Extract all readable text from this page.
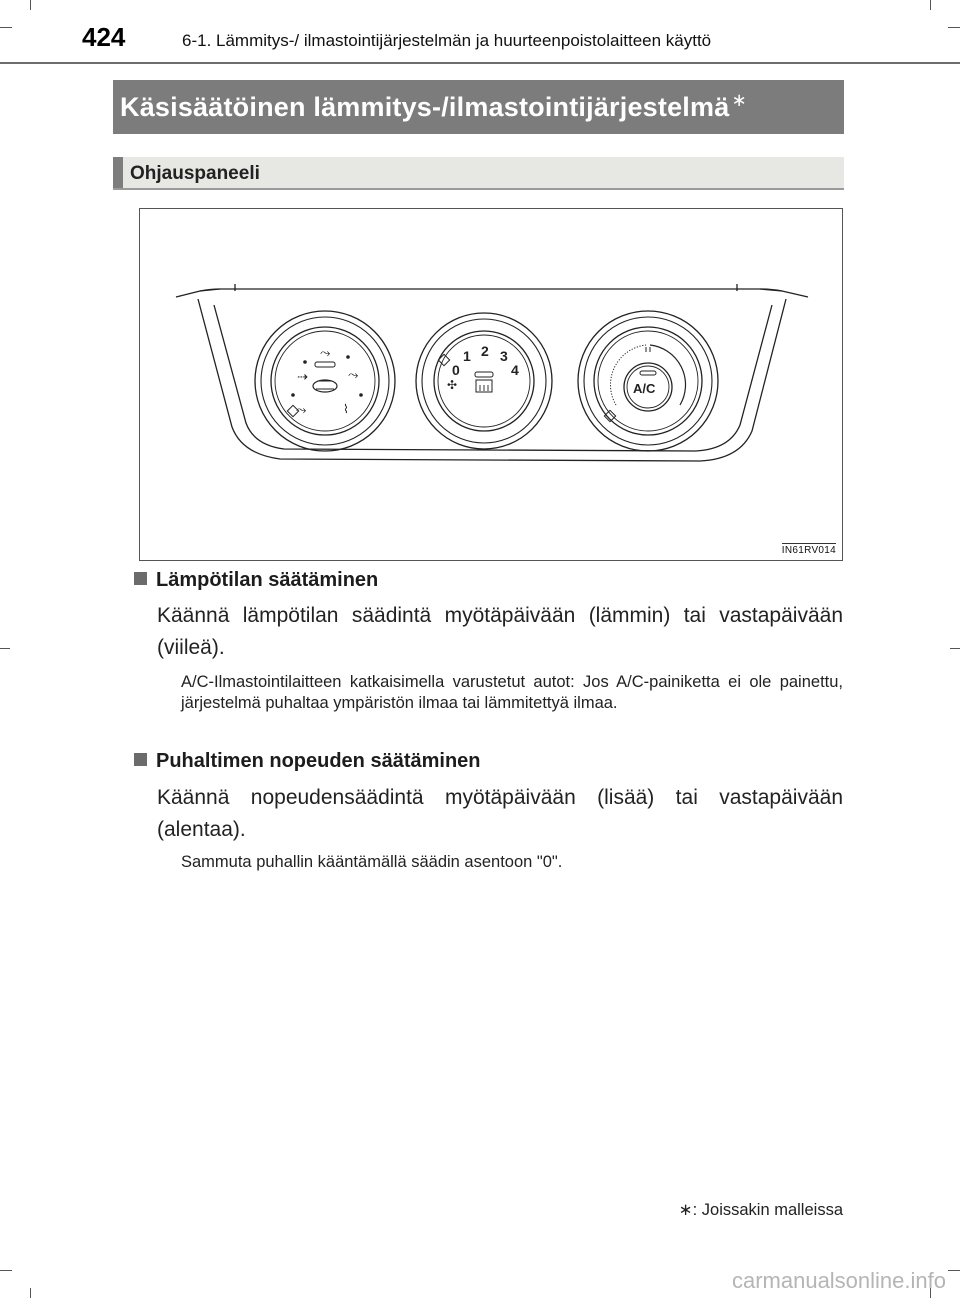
424	6-1. Lämmitys-/ ilmastointijärjestelmän ja huurteenpoistolaitteen käyttö
Käsisäätöinen lämmitys-/ilmastointijärjestelmä ∗
Ohjauspaneeli
⇢
⤳
⤳
⤳	⌇
✣
0
1 2 3
4
A/C
IN61RV014
Lämpötilan säätäminen
Käännä lämpötilan säädintä myötäpäivään (lämmin) tai vastapäivään (viileä).
A/C-Ilmastointilaitteen katkaisimella varustetut autot: Jos A/C-painiketta ei ole painettu, järjestelmä puhaltaa ympäristön ilmaa tai lämmitettyä ilmaa.
Puhaltimen nopeuden säätäminen
Käännä nopeudensäädintä myötäpäivään (lisää) tai vastapäivään (alentaa).
Sammuta puhallin kääntämällä säädin asentoon "0".
∗: Joissakin malleissa
carmanualsonline.info
